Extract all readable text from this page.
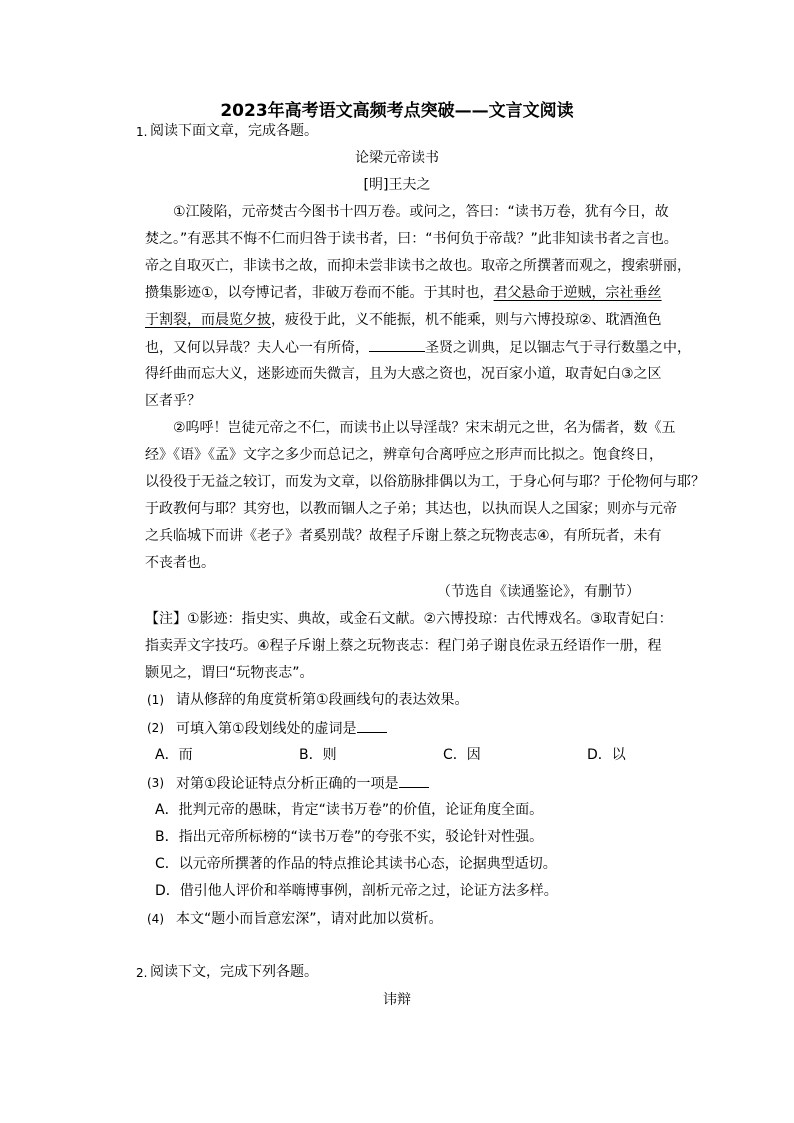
2023年高考语文高频考点突破——文言文阅读
1. 阅读下面文章，完成各题。
论梁元帝读书
[明]王夫之
①江陵陷，元帝焚古今图书十四万卷。或问之，答曰：“读书万卷，犹有今日，故
焚之。”有恶其不悔不仁而归咎于读书者，曰：“书何负于帝哉？”此非知读书者之言也。
帝之自取灭亡，非读书之故，而抑未尝非读书之故也。取帝之所撰著而观之，搜索骈丽，
攒集影迹①，以夸博记者，非破万卷而不能。于其时也，君父悬命于逆贼，宗社垂丝
于割裂，而晨览夕披，疲役于此，义不能振，机不能乘，则与六博投琼②、耽酒渔色
也，又何以异哉？夫人心一有所倚，	圣贤之训典，足以锢志气于寻行数墨之中，
得纤曲而忘大义，迷影迹而失微言，且为大惑之资也，况百家小道，取青妃白③之区
区者乎？
②呜呼！岂徒元帝之不仁，而读书止以导淫哉？宋末胡元之世，名为儒者，数《五
经》《语》《孟》文字之多少而总记之，辨章句合离呼应之形声而比拟之。饱食终日，
以役役于无益之较订，而发为文章，以俗筋脉排偶以为工，于身心何与耶？于伦物何与耶？
于政教何与耶？其穷也，以教而锢人之子弟；其达也，以执而误人之国家；则亦与元帝
之兵临城下而讲《老子》者奚别哉？故程子斥谢上蔡之玩物丧志④，有所玩者，未有
不丧者也。
（节选自《读通鉴论》，有删节）
【注】①影迹：指史实、典故，或金石文献。②六博投琼：古代博戏名。③取青妃白：
指卖弄文字技巧。④程子斥谢上蔡之玩物丧志：程门弟子谢良佐录五经语作一册，程
颢见之，谓曰“玩物丧志”。
(1) 请从修辞的角度赏析第①段画线句的表达效果。
(2) 可填入第①段划线处的虚词是
A．而	B．则	C．因	D．以
(3) 对第①段论证特点分析正确的一项是
A．批判元帝的愚昧，肯定“读书万卷”的价值，论证角度全面。
B．指出元帝所标榜的“读书万卷”的夸张不实，驳论针对性强。
C．以元帝所撰著的作品的特点推论其读书心态，论据典型适切。
D．借引他人评价和举嗨博事例，剖析元帝之过，论证方法多样。
(4) 本文“题小而旨意宏深”，请对此加以赏析。
2. 阅读下文，完成下列各题。
讳辩
